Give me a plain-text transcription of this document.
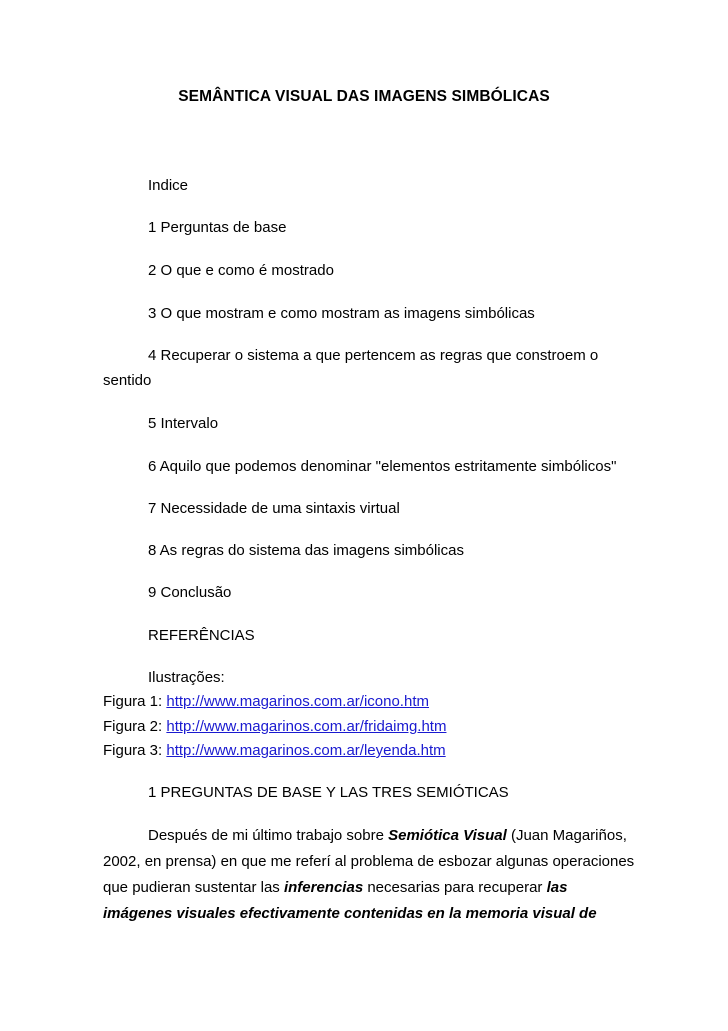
SEMÂNTICA VISUAL DAS IMAGENS SIMBÓLICAS
Indice
1 Perguntas de base
2 O que e como é mostrado
3 O que mostram e como mostram as imagens simbólicas
4 Recuperar o sistema a que pertencem as regras que constroem o
sentido
5 Intervalo
6 Aquilo que podemos denominar "elementos estritamente simbólicos"
7 Necessidade de uma sintaxis virtual
8 As regras do sistema das imagens simbólicas
9 Conclusão
REFERÊNCIAS
Ilustrações:
Figura 1: http://www.magarinos.com.ar/icono.htm
Figura 2: http://www.magarinos.com.ar/fridaimg.htm
Figura 3: http://www.magarinos.com.ar/leyenda.htm
1 PREGUNTAS DE BASE Y LAS TRES SEMIÓTICAS
Después de mi último trabajo sobre Semiótica Visual (Juan Magariños,
2002, en prensa) en que me referí al problema de esbozar algunas operaciones
que pudieran sustentar las inferencias necesarias para recuperar las
imágenes visuales efectivamente contenidas en la memoria visual de
